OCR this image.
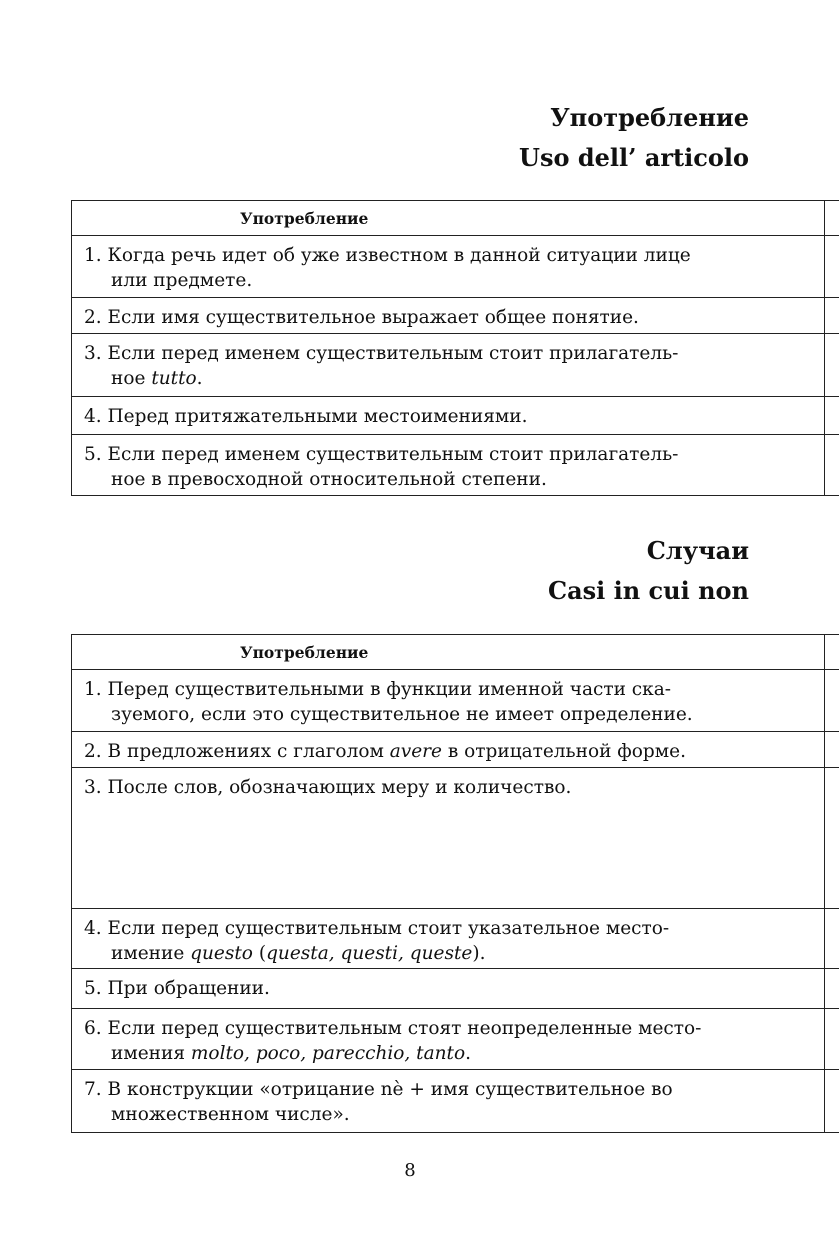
Употребление
Uso dell’ articolo
Употребление	
1. Когда речь идет об уже известном в данной ситуации лице
или предмете.	

2. Если имя существительное выражает общее понятие.	
3. Если перед именем существительным стоит прилагатель-
ное tutto.	

4. Перед притяжательными местоимениями.	
5. Если перед именем существительным стоит прилагатель-
ное в превосходной относительной степени.	

Случаи
Casi in cui non
Употребление	
1. Перед существительными в функции именной части ска-
зуемого, если это существительное не имеет определение.	

2. В предложениях с глаголом avere в отрицательной форме.	
3. После слов, обозначающих меру и количество.	
4. Если перед существительным стоит указательное место-
имение questo (questa, questi, queste).	

5. При обращении.	
6. Если перед существительным стоят неопределенные место-
имения molto, poco, parecchio, tanto.	

7. В конструкции «отрицание nè + имя существительное во
множественном числе».	

8
